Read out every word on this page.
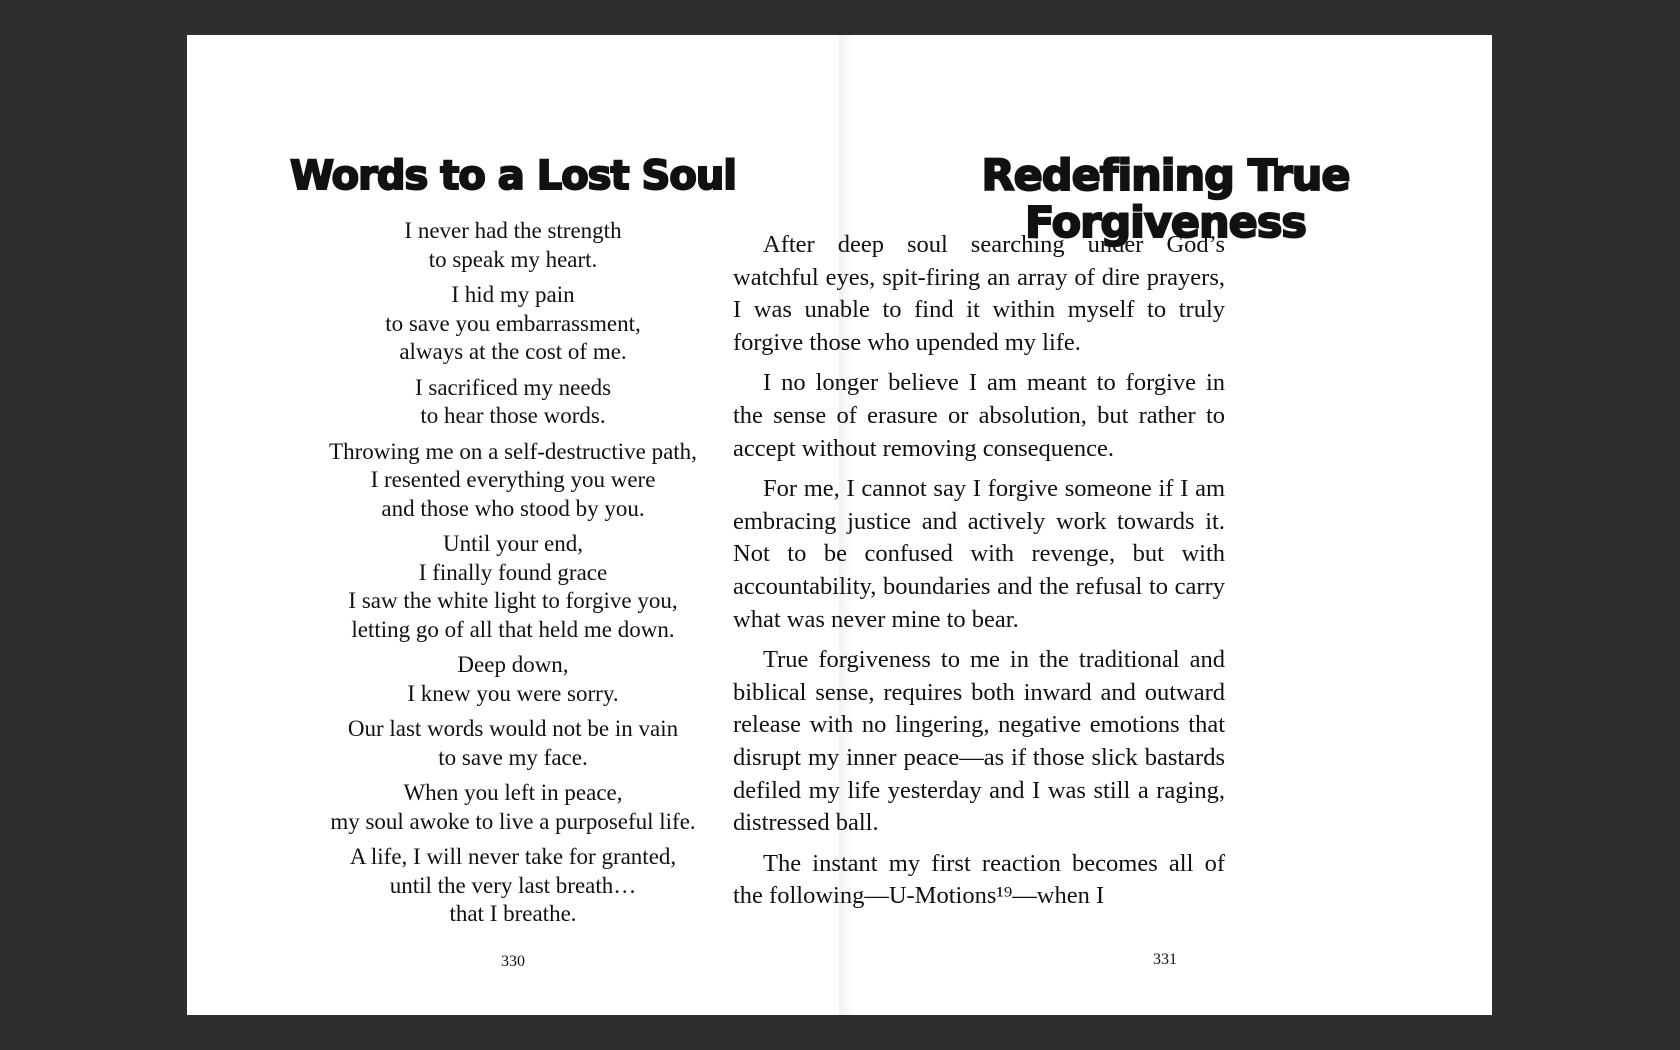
Words to a Lost Soul

I never had the strength
to speak my heart.

I hid my pain
to save you embarrassment,
always at the cost of me.

I sacrificed my needs
to hear those words.

Throwing me on a self-destructive path,
I resented everything you were
and those who stood by you.

Until your end,
I finally found grace
I saw the white light to forgive you,
letting go of all that held me down.

Deep down,
I knew you were sorry.

Our last words would not be in vain
to save my face.

When you left in peace,
my soul awoke to live a purposeful life.

A life, I will never take for granted,
until the very last breath…
that I breathe.

330
Redefining True
Forgiveness
331

After deep soul searching under God’s watchful eyes, spit-firing an array of dire prayers, I was unable to find it within myself to truly forgive those who upended my life.

I no longer believe I am meant to forgive in the sense of erasure or absolution, but rather to accept without removing consequence.

For me, I cannot say I forgive someone if I am embracing justice and actively work towards it. Not to be confused with revenge, but with accountability, boundaries and the refusal to carry what was never mine to bear.

True forgiveness to me in the traditional and biblical sense, requires both inward and outward release with no lingering, negative emotions that disrupt my inner peace—as if those slick bastards defiled my life yesterday and I was still a raging, distressed ball.

The instant my first reaction becomes all of the following—U-Motions¹⁹—when I
